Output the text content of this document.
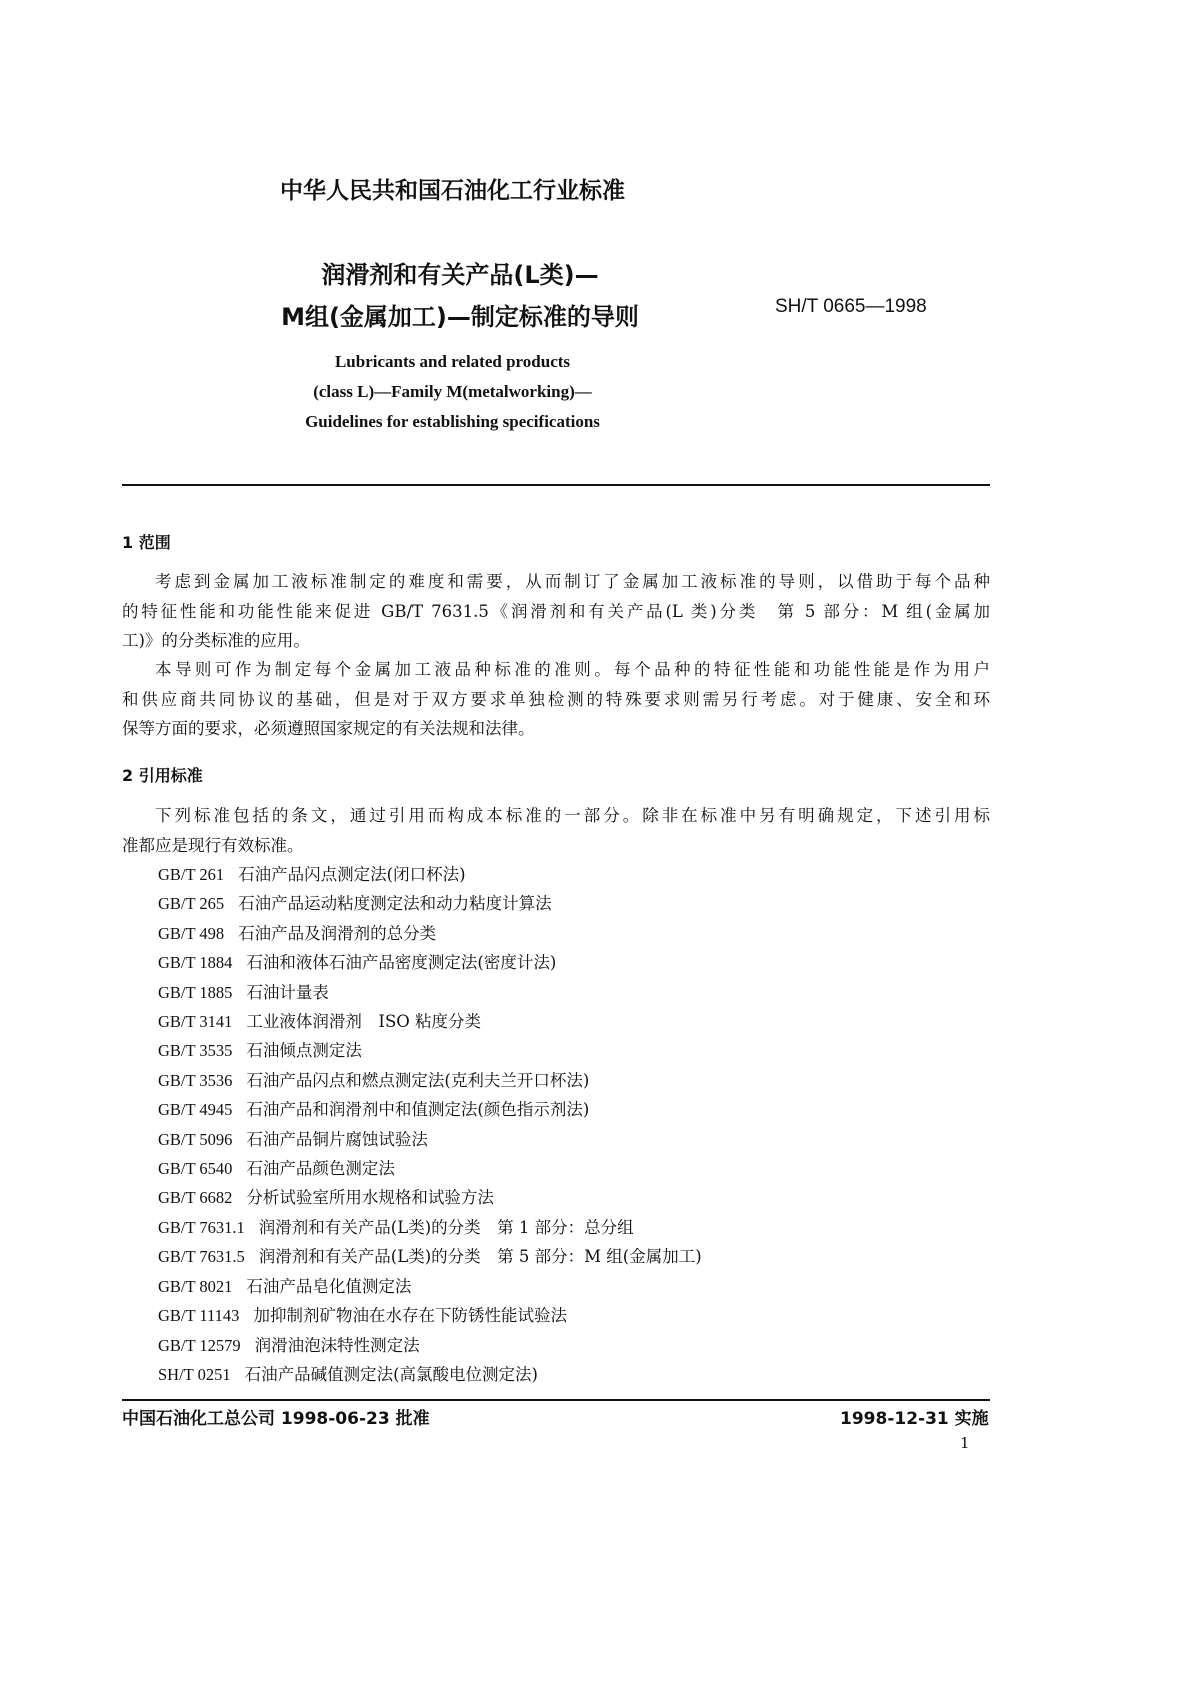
中华人民共和国石油化工行业标准
润滑剂和有关产品(L类)—
M组(金属加工)—制定标准的导则	SH/T 0665—1998
Lubricants and related products
(class L)—Family M(metalworking)—
Guidelines for establishing specifications
1 范围
考虑到金属加工液标准制定的难度和需要，从而制订了金属加工液标准的导则，以借助于每个品种
的特征性能和功能性能来促进 GB/T 7631.5《润滑剂和有关产品(L 类)分类　第 5 部分：M 组(金属加
工)》的分类标准的应用。
本导则可作为制定每个金属加工液品种标准的准则。每个品种的特征性能和功能性能是作为用户
和供应商共同协议的基础，但是对于双方要求单独检测的特殊要求则需另行考虑。对于健康、安全和环
保等方面的要求，必须遵照国家规定的有关法规和法律。
2 引用标准
下列标准包括的条文，通过引用而构成本标准的一部分。除非在标准中另有明确规定，下述引用标
准都应是现行有效标准。
GB/T 261 石油产品闪点测定法(闭口杯法)
GB/T 265 石油产品运动粘度测定法和动力粘度计算法
GB/T 498 石油产品及润滑剂的总分类
GB/T 1884 石油和液体石油产品密度测定法(密度计法)
GB/T 1885 石油计量表
GB/T 3141 工业液体润滑剂　ISO 粘度分类
GB/T 3535 石油倾点测定法
GB/T 3536 石油产品闪点和燃点测定法(克利夫兰开口杯法)
GB/T 4945 石油产品和润滑剂中和值测定法(颜色指示剂法)
GB/T 5096 石油产品铜片腐蚀试验法
GB/T 6540 石油产品颜色测定法
GB/T 6682 分析试验室所用水规格和试验方法
GB/T 7631.1 润滑剂和有关产品(L类)的分类　第 1 部分：总分组
GB/T 7631.5 润滑剂和有关产品(L类)的分类　第 5 部分：M 组(金属加工)
GB/T 8021 石油产品皂化值测定法
GB/T 11143 加抑制剂矿物油在水存在下防锈性能试验法
GB/T 12579 润滑油泡沫特性测定法
SH/T 0251 石油产品碱值测定法(高氯酸电位测定法)
中国石油化工总公司 1998-06-23 批准	1998-12-31 实施
1
